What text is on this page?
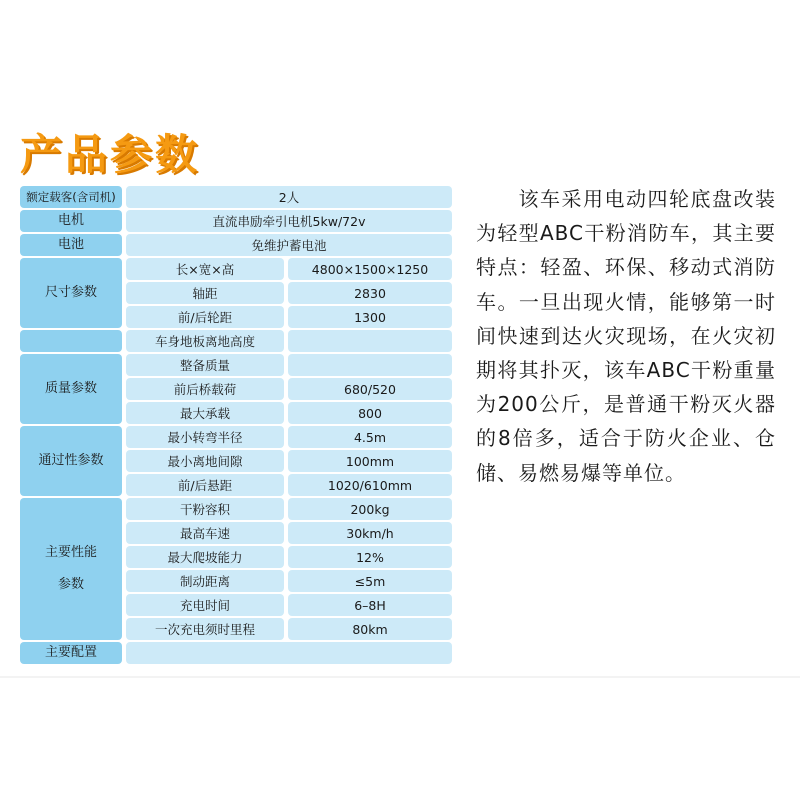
产品参数
额定载客(含司机)	2人
电机	直流串励牵引电机5kw/72v
电池	免维护蓄电池
尺寸参数
长×宽×高	4800×1500×1250
轴距	2830
前/后轮距	1300
车身地板离地高度
质量参数
整备质量
前后桥载荷	680/520
最大承载	800
通过性参数
最小转弯半径	4.5m
最小离地间隙	100mm
前/后悬距	1020/610mm
主要性能
参数
干粉容积	200kg
最高车速	30km/h
最大爬坡能力	12%
制动距离	≤5m
充电时间	6–8H
一次充电须时里程	80km
主要配置
该车采用电动四轮底盘改装为轻型ABC干粉消防车，其主要特点：轻盈、环保、移动式消防车。一旦出现火情，能够第一时间快速到达火灾现场，在火灾初期将其扑灭，该车ABC干粉重量为200公斤，是普通干粉灭火器的8倍多，适合于防火企业、仓储、易燃易爆等单位。
